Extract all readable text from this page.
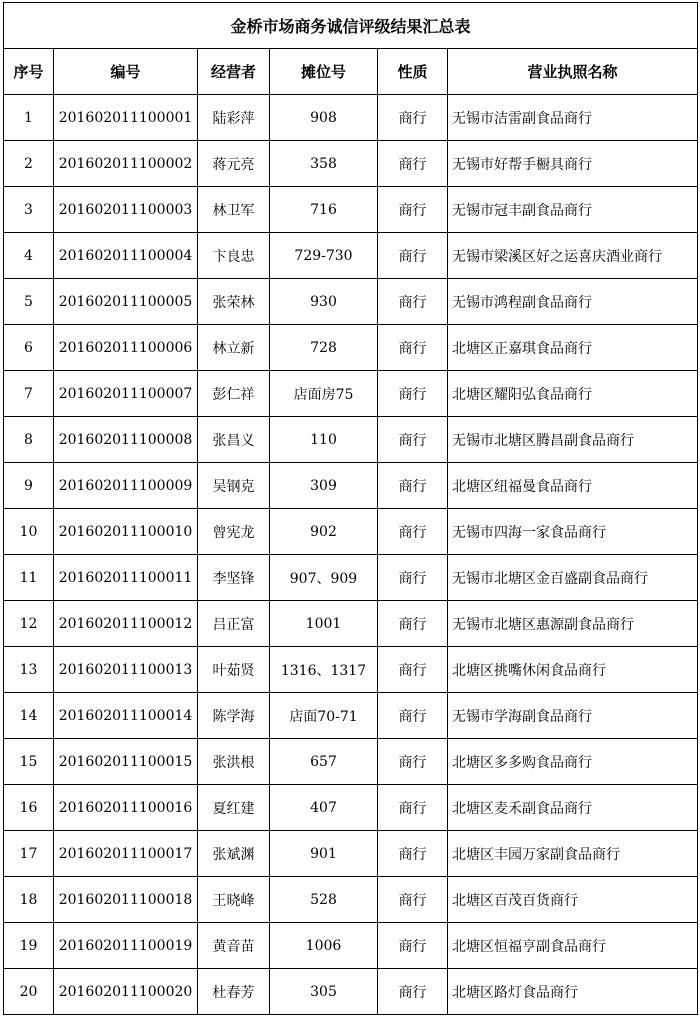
金桥市场商务诚信评级结果汇总表					
序号	编号	经营者	摊位号	性质	营业执照名称
1	201602011100001	陆彩萍	908	商行	无锡市洁雷副食品商行
2	201602011100002	蒋元亮	358	商行	无锡市好帮手橱具商行
3	201602011100003	林卫军	716	商行	无锡市冠丰副食品商行
4	201602011100004	卞良忠	729-730	商行	无锡市梁溪区好之运喜庆酒业商行
5	201602011100005	张荣林	930	商行	无锡市鸿程副食品商行
6	201602011100006	林立新	728	商行	北塘区正嘉琪食品商行
7	201602011100007	彭仁祥	店面房75	商行	北塘区耀阳弘食品商行
8	201602011100008	张昌义	110	商行	无锡市北塘区腾昌副食品商行
9	201602011100009	吴钢克	309	商行	北塘区纽福曼食品商行
10	201602011100010	曾宪龙	902	商行	无锡市四海一家食品商行
11	201602011100011	李坚锋	907、909	商行	无锡市北塘区金百盛副食品商行
12	201602011100012	吕正富	1001	商行	无锡市北塘区惠源副食品商行
13	201602011100013	叶茹贤	1316、1317	商行	北塘区挑嘴休闲食品商行
14	201602011100014	陈学海	店面70-71	商行	无锡市学海副食品商行
15	201602011100015	张洪根	657	商行	北塘区多多购食品商行
16	201602011100016	夏红建	407	商行	北塘区麦禾副食品商行
17	201602011100017	张斌渊	901	商行	北塘区丰园万家副食品商行
18	201602011100018	王晓峰	528	商行	北塘区百茂百货商行
19	201602011100019	黄音苗	1006	商行	北塘区恒福亨副食品商行
20	201602011100020	杜春芳	305	商行	北塘区路灯食品商行
